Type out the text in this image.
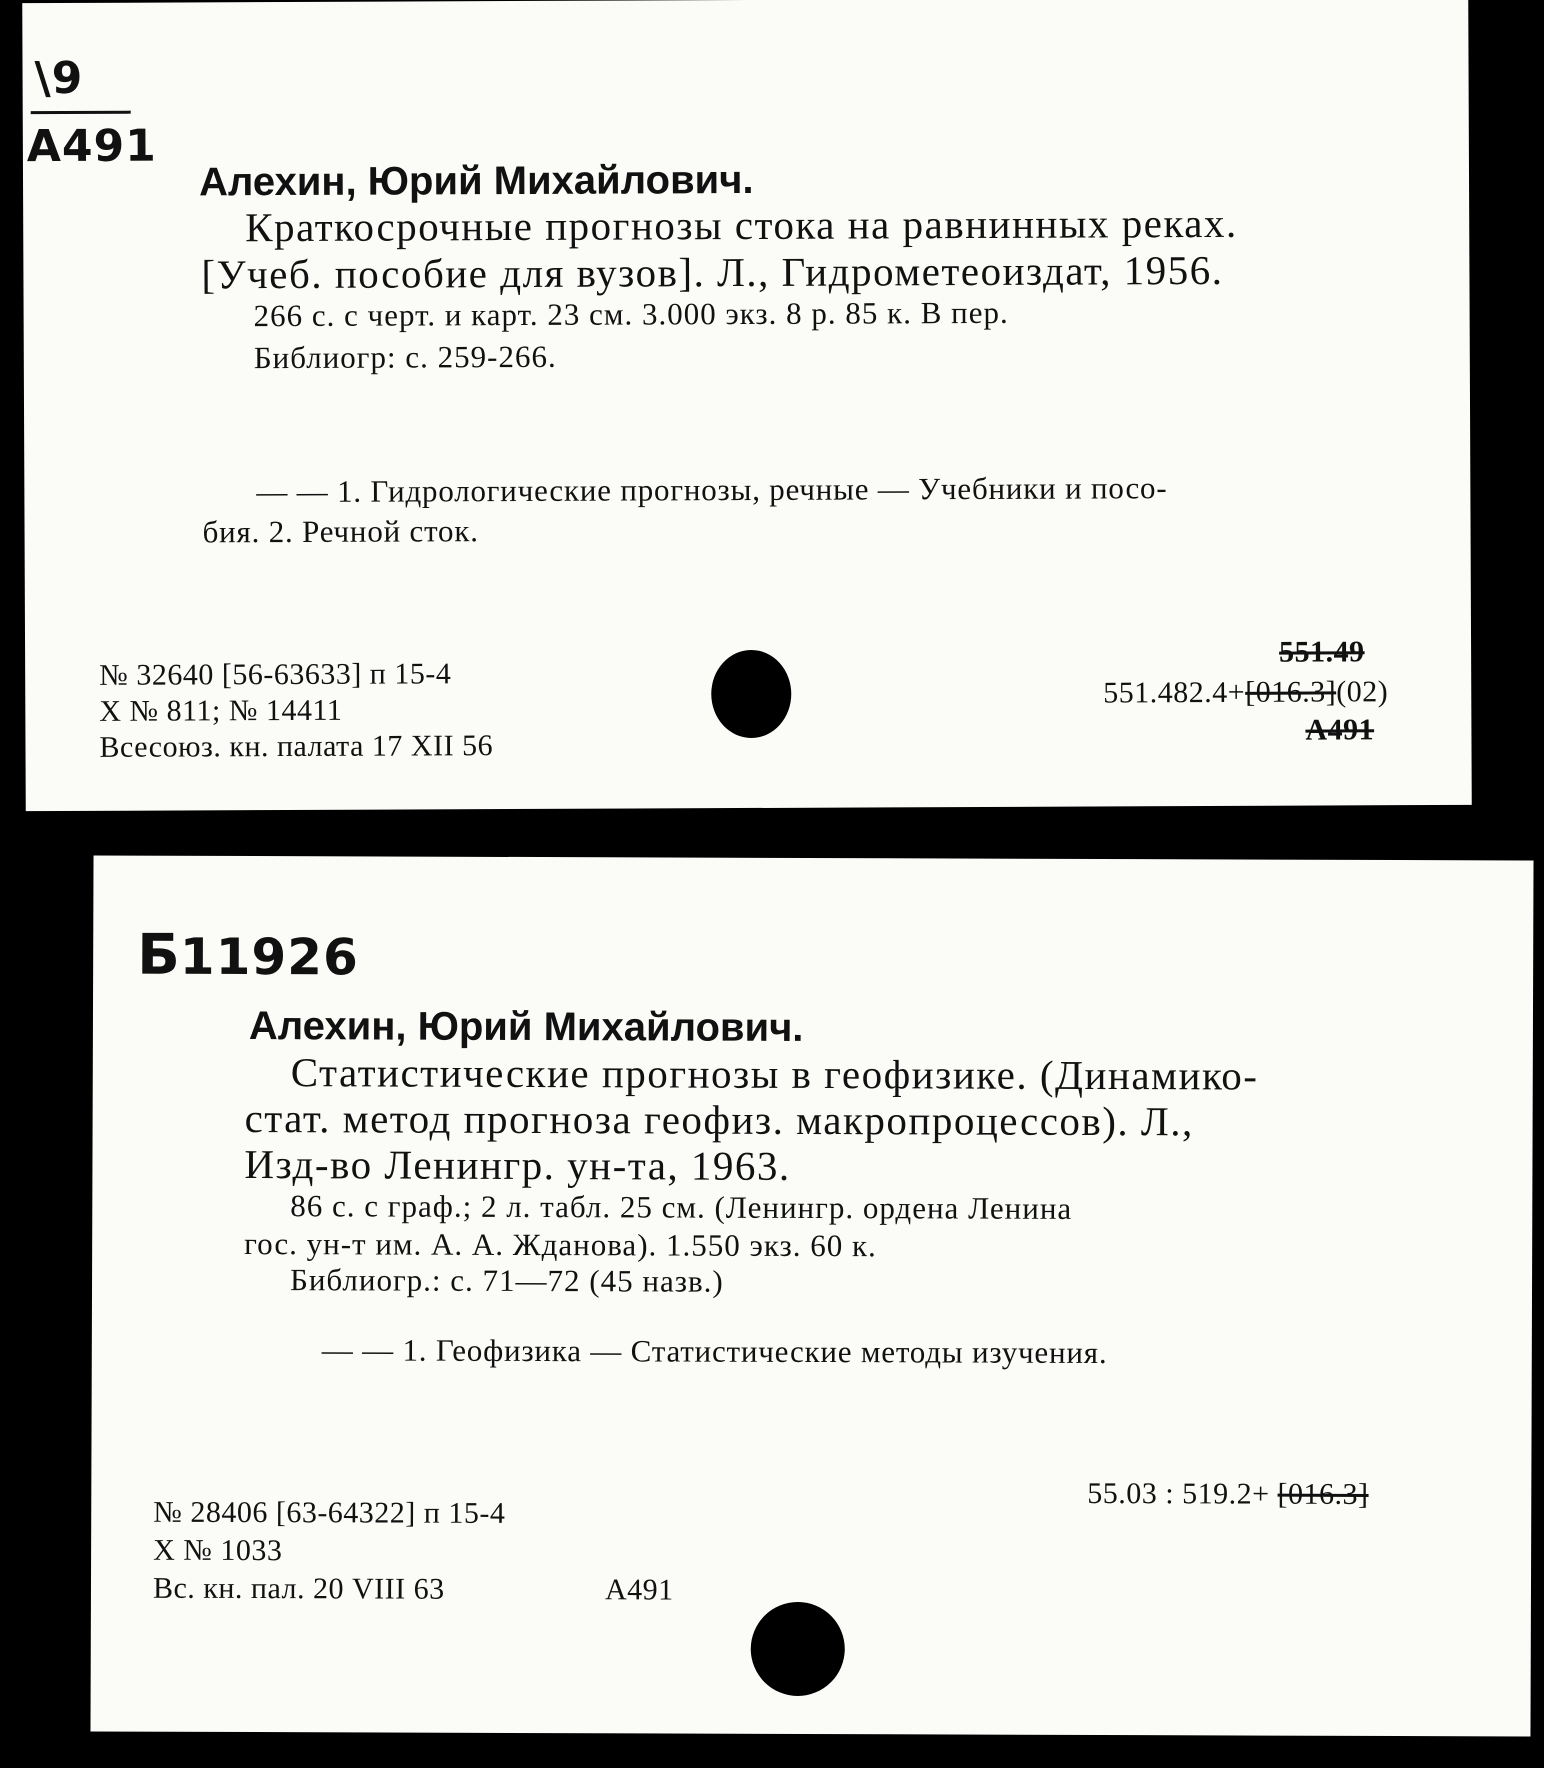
\9
A491
Алехин, Юрий Михайлович.
Краткосрочные прогнозы стока на равнинных реках.
[Учеб. пособие для вузов]. Л., Гидрометеоиздат, 1956.
266 с. с черт. и карт. 23 см. 3.000 экз. 8 р. 85 к. В пер.
Библиогр: с. 259-266.
— — 1. Гидрологические прогнозы, речные — Учебники и посо-
бия. 2. Речной сток.
№ 32640 [56-63633] п 15-4
X № 811; № 14411
Всесоюз. кн. палата 17 XII 56
551.49
551.482.4+[016.3](02)
A491
Б11926
Алехин, Юрий Михайлович.
Статистические прогнозы в геофизике. (Динамико-
стат. метод прогноза геофиз. макропроцессов). Л.,
Изд-во Ленингр. ун-та, 1963.
86 с. с граф.; 2 л. табл. 25 см. (Ленингр. ордена Ленина
гос. ун-т им. А. А. Жданова). 1.550 экз. 60 к.
Библиогр.: с. 71—72 (45 назв.)
— — 1. Геофизика — Статистические методы изучения.
55.03 : 519.2+ [016.3]
№ 28406 [63-64322] п 15-4
X № 1033
Вс. кн. пал. 20 VIII 63	A491
